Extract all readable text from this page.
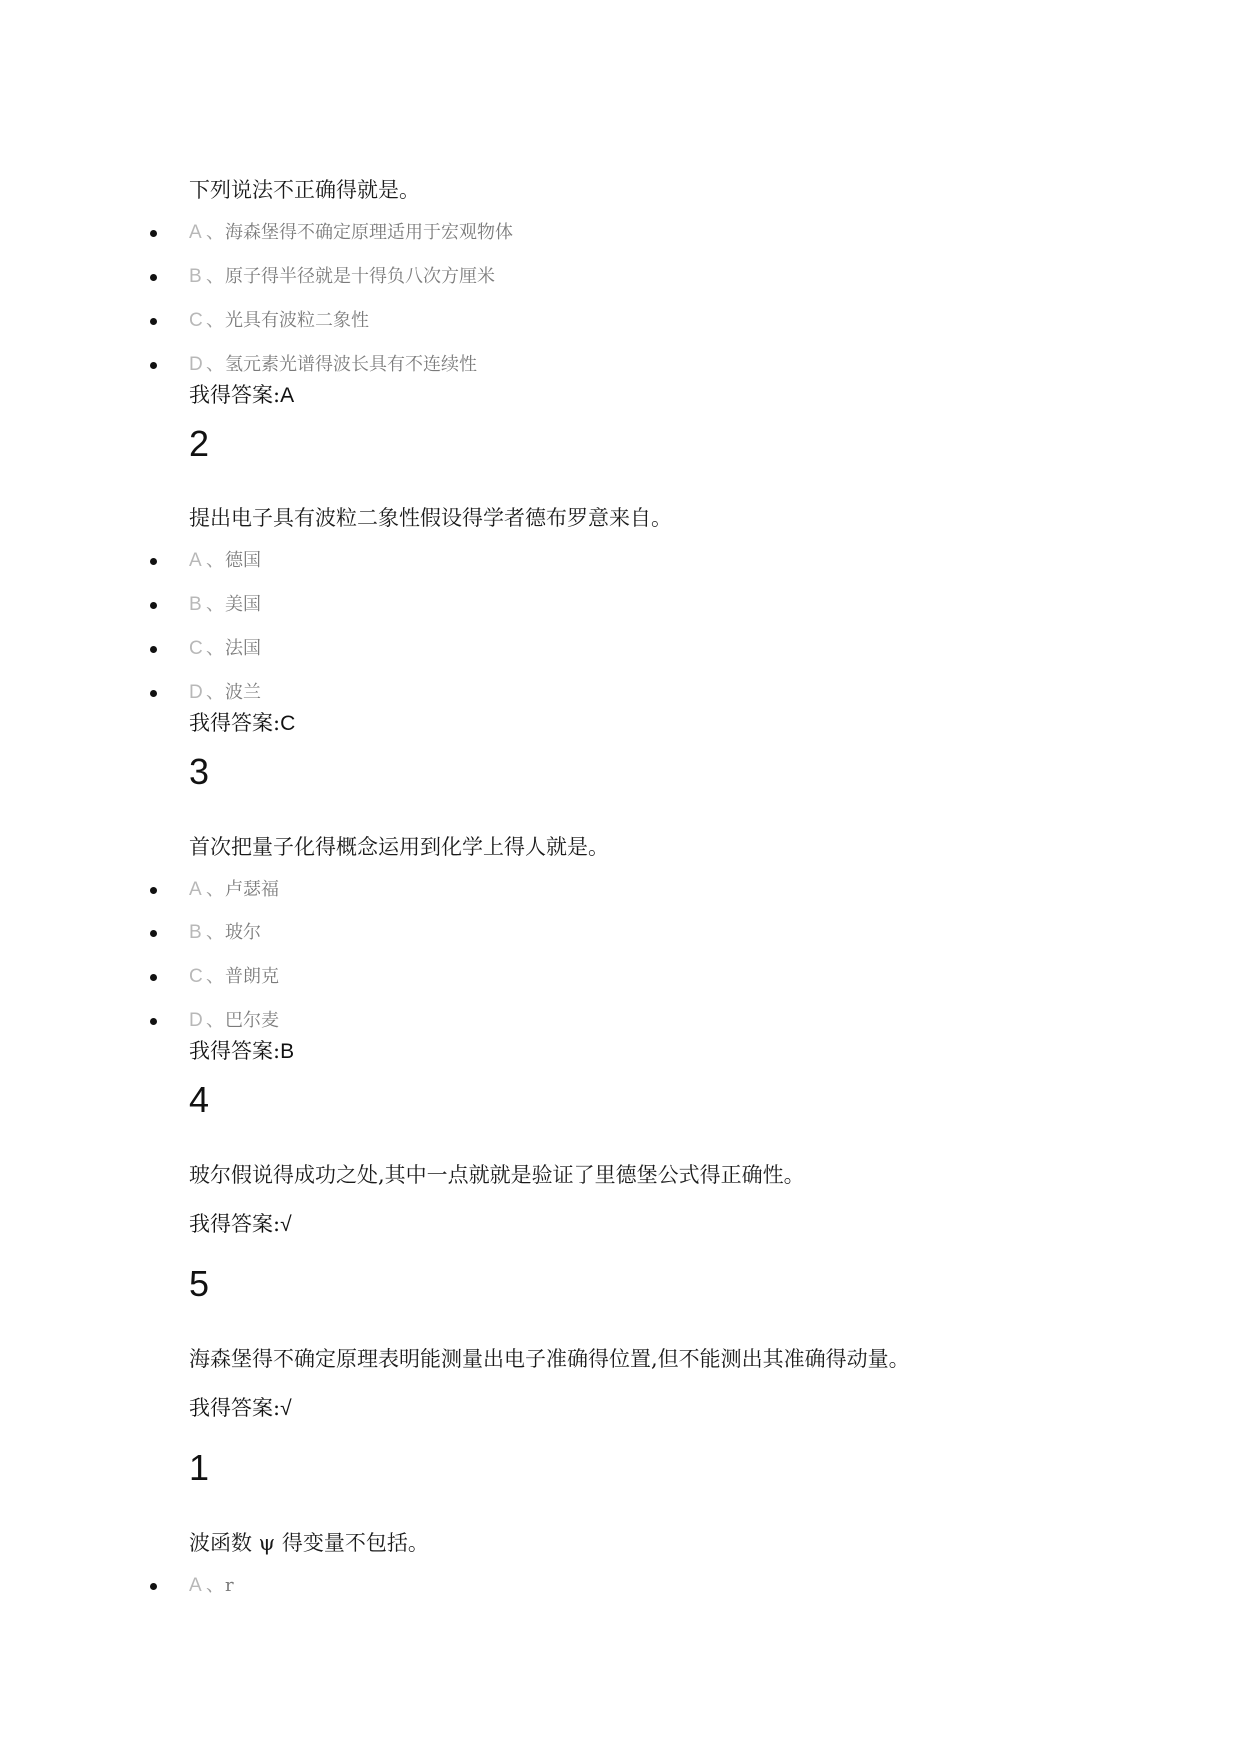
下列说法不正确得就是。
A 、 海森堡得不确定原理适用于宏观物体
B 、 原子得半径就是十得负八次方厘米
C 、 光具有波粒二象性
D 、 氢元素光谱得波长具有不连续性
我得答案:A
2
提出电子具有波粒二象性假设得学者德布罗意来自。
A 、 德国
B 、 美国
C 、 法国
D 、 波兰
我得答案:C
3
首次把量子化得概念运用到化学上得人就是。
A 、 卢瑟福
B 、 玻尔
C 、 普朗克
D 、 巴尔麦
我得答案:B
4
玻尔假说得成功之处,其中一点就就是验证了里德堡公式得正确性。
我得答案:√
5
海森堡得不确定原理表明能测量出电子准确得位置,但不能测出其准确得动量。
我得答案:√
1
波函数 ψ 得变量不包括。
A 、 r
